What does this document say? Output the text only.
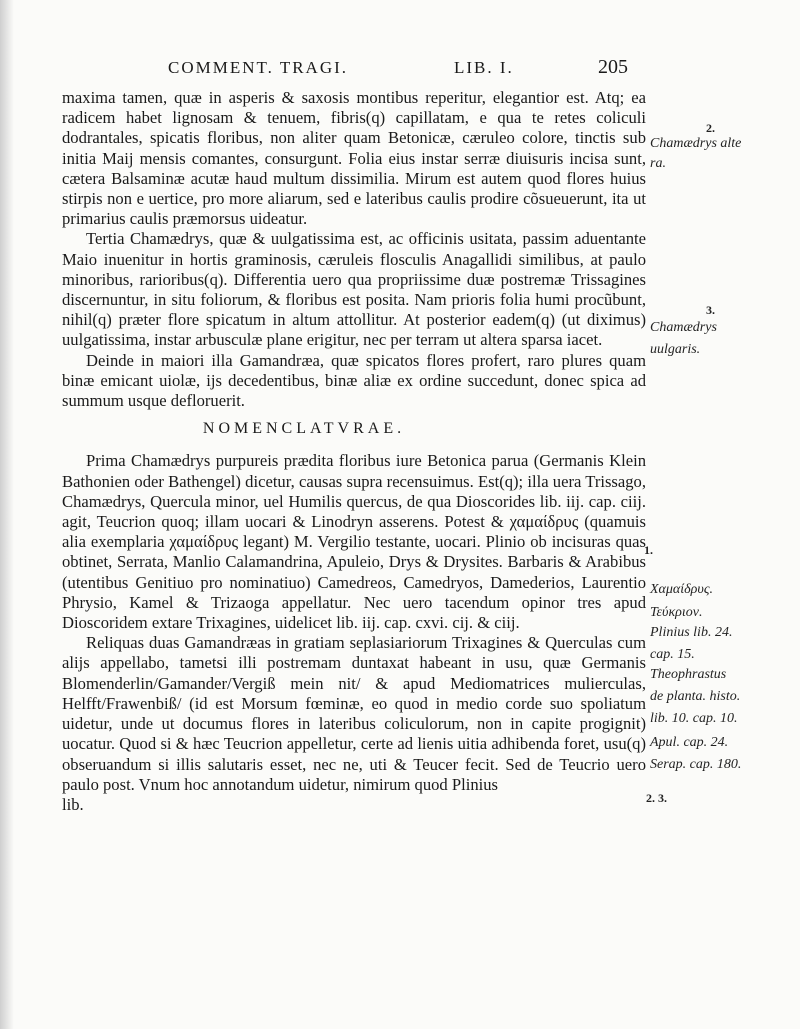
COMMENT. TRAGI.	LIB. I.	205

maxima tamen, quæ in asperis & saxosis montibus reperitur, elegantior est. Atq; ea radicem habet lignosam & tenuem, fibris(q) capillatam, e qua te retes coliculi dodrantales, spicatis floribus, non aliter quam Betonicæ, cæruleo colore, tinctis sub initia Maij mensis comantes, consurgunt. Folia eius instar serræ diuisuris incisa sunt, cætera Balsaminæ acutæ haud multum dissimilia. Mirum est autem quod flores huius stirpis non e uertice, pro more aliarum, sed e lateribus caulis prodire cõsueuerunt, ita ut primarius caulis præmorsus uideatur.

Tertia Chamædrys, quæ & uulgatissima est, ac officinis usitata, passim aduentante Maio inuenitur in hortis graminosis, cæruleis flosculis Anagallidi similibus, at paulo minoribus, rarioribus(q). Differentia uero qua propriissime duæ postremæ Trissagines discernuntur, in situ foliorum, & floribus est posita. Nam prioris folia humi procũbunt, nihil(q) præter flore spicatum in altum attollitur. At posterior eadem(q) (ut diximus) uulgatissima, instar arbusculæ plane erigitur, nec per terram ut altera sparsa iacet.

Deinde in maiori illa Gamandræa, quæ spicatos flores profert, raro plures quam binæ emicant uiolæ, ijs decedentibus, binæ aliæ ex ordine succedunt, donec spica ad summum usque defloruerit.

NOMENCLATVRAE.

Prima Chamædrys purpureis prædita floribus iure Betonica parua (Germanis Klein Bathonien oder Bathengel) dicetur, causas supra recensuimus. Est(q); illa uera Trissago, Chamædrys, Quercula minor, uel Humilis quercus, de qua Dioscorides lib. iij. cap. ciij. agit, Teucrion quoq; illam uocari & Linodryn asserens. Potest & χαμαίδρυς (quamuis alia exemplaria χαμαίδρυς legant) M. Vergilio testante, uocari. Plinio ob incisuras quas obtinet, Serrata, Manlio Calamandrina, Apuleio, Drys & Drysites. Barbaris & Arabibus (utentibus Genitiuo pro nominatiuo) Camedreos, Camedryos, Damederios, Laurentio Phrysio, Kamel & Trizaoga appellatur. Nec uero tacendum opinor tres apud Dioscoridem extare Trixagines, uidelicet lib. iij. cap. cxvi. cij. & ciij.

Reliquas duas Gamandræas in gratiam seplasiariorum Trixagines & Querculas cum alijs appellabo, tametsi illi postremam duntaxat habeant in usu, quæ Germanis Blomenderlin/Gamander/Vergiß mein nit/ & apud Mediomatrices mulierculas, Helfft/Frawenbiß/ (id est Morsum fœminæ, eo quod in medio corde suo spoliatum uidetur, unde ut documus flores in lateribus coliculorum, non in capite progignit) uocatur. Quod si & hæc Teucrion appelletur, certe ad lienis uitia adhibenda foret, usu(q) obseruandum si illis salutaris esset, nec ne, uti & Teucer fecit. Sed de Teucrio uero paulo post. Vnum hoc annotandum uidetur, nimirum quod Plinius

lib.

2.
Chamædrys alte
ra.
3.
Chamædrys
uulgaris.
1.
Χαμαίδρυς.
Τεύκριον.
Plinius lib. 24.
cap. 15.
Theophrastus
de planta. histo.
lib. 10. cap. 10.
Apul. cap. 24.
Serap. cap. 180.
2. 3.
